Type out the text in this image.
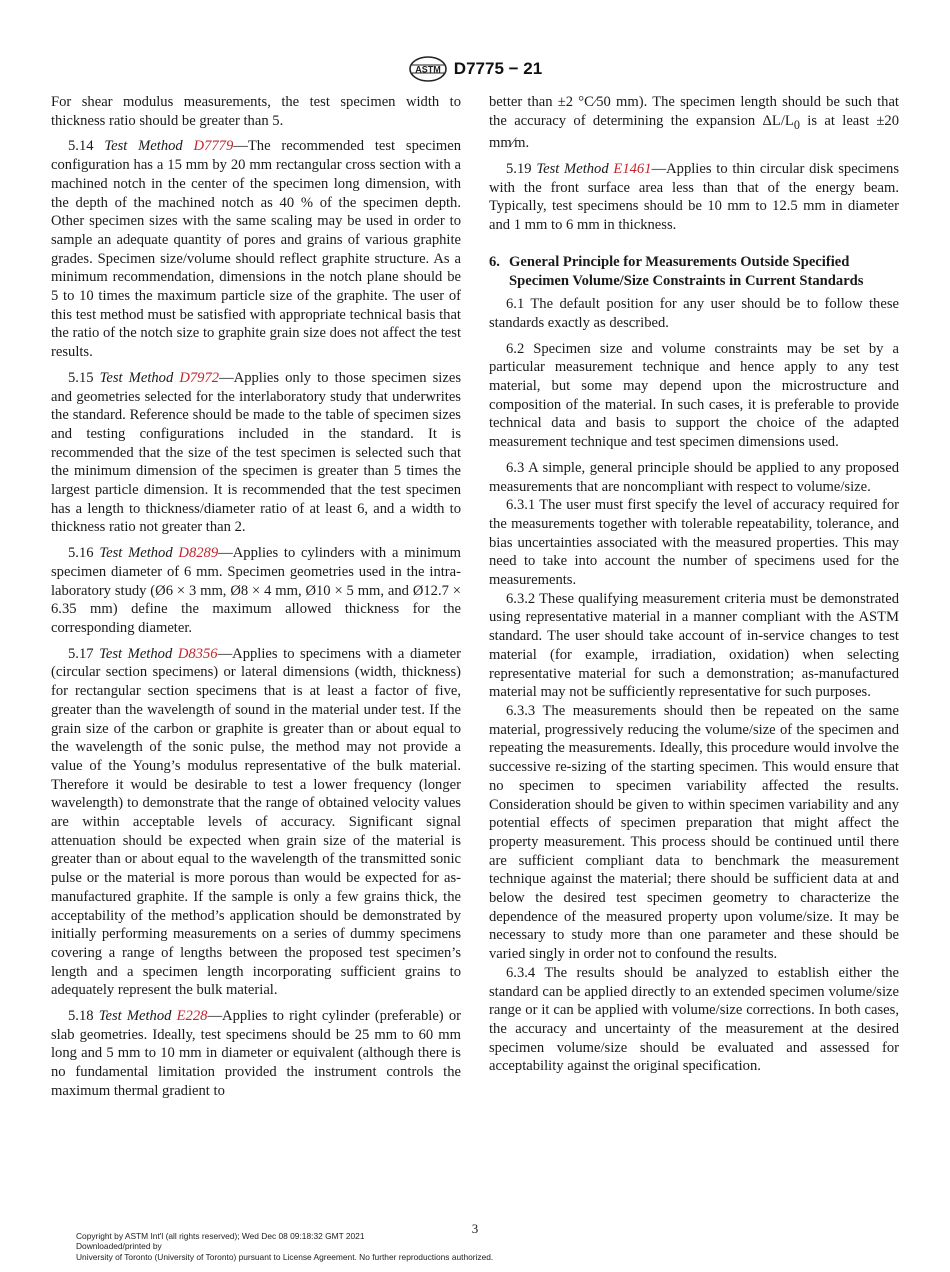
ASTM D7775 − 21

For shear modulus measurements, the test specimen width to thickness ratio should be greater than 5.

5.14 Test Method D7779—The recommended test specimen configuration has a 15 mm by 20 mm rectangular cross section with a machined notch in the center of the specimen long dimension, with the depth of the machined notch as 40 % of the specimen depth. Other specimen sizes with the same scaling may be used in order to sample an adequate quantity of pores and grains of various graphite grades. Specimen size/volume should reflect graphite structure. As a minimum recommendation, dimensions in the notch plane should be 5 to 10 times the maximum particle size of the graphite. The user of this test method must be satisfied with appropriate technical basis that the ratio of the notch size to graphite grain size does not affect the test results.

5.15 Test Method D7972—Applies only to those specimen sizes and geometries selected for the interlaboratory study that underwrites the standard. Reference should be made to the table of specimen sizes and testing configurations included in the standard. It is recommended that the size of the test specimen is selected such that the minimum dimension of the specimen is greater than 5 times the largest particle dimension. It is recommended that the test specimen has a length to thickness/diameter ratio of at least 6, and a width to thickness ratio not greater than 2.

5.16 Test Method D8289—Applies to cylinders with a minimum specimen diameter of 6 mm. Specimen geometries used in the intra-laboratory study (Ø6 × 3 mm, Ø8 × 4 mm, Ø10 × 5 mm, and Ø12.7 × 6.35 mm) define the maximum allowed thickness for the corresponding diameter.

5.17 Test Method D8356—Applies to specimens with a diameter (circular section specimens) or lateral dimensions (width, thickness) for rectangular section specimens that is at least a factor of five, greater than the wavelength of sound in the material under test. If the grain size of the carbon or graphite is greater than or about equal to the wavelength of the sonic pulse, the method may not provide a value of the Young’s modulus representative of the bulk material. Therefore it would be desirable to test a lower frequency (longer wavelength) to demonstrate that the range of obtained velocity values are within acceptable levels of accuracy. Significant signal attenuation should be expected when grain size of the material is greater than or about equal to the wavelength of the transmitted sonic pulse or the material is more porous than would be expected for as-manufactured graphite. If the sample is only a few grains thick, the acceptability of the method’s application should be demonstrated by initially performing measurements on a series of dummy specimens covering a range of lengths between the proposed test specimen’s length and a specimen length incorporating sufficient grains to adequately represent the bulk material.

5.18 Test Method E228—Applies to right cylinder (preferable) or slab geometries. Ideally, test specimens should be 25 mm to 60 mm long and 5 mm to 10 mm in diameter or equivalent (although there is no fundamental limitation provided the instrument controls the maximum thermal gradient to

better than ±2 °C⁄50 mm). The specimen length should be such that the accuracy of determining the expansion $\Delta L/L_0$ is at least ±20 mm⁄m.

5.19 Test Method E1461—Applies to thin circular disk specimens with the front surface area less than that of the energy beam. Typically, test specimens should be 10 mm to 12.5 mm in diameter and 1 mm to 6 mm in thickness.

6. General Principle for Measurements Outside Specified Specimen Volume/Size Constraints in Current Standards

6.1 The default position for any user should be to follow these standards exactly as described.

6.2 Specimen size and volume constraints may be set by a particular measurement technique and hence apply to any test material, but some may depend upon the microstructure and composition of the material. In such cases, it is preferable to provide technical data and basis to support the choice of the adapted measurement technique and test specimen dimensions used.

6.3 A simple, general principle should be applied to any proposed measurements that are noncompliant with respect to volume/size.

6.3.1 The user must first specify the level of accuracy required for the measurements together with tolerable repeatability, tolerance, and bias uncertainties associated with the measured properties. This may need to take into account the number of specimens used for the measurements.

6.3.2 These qualifying measurement criteria must be demonstrated using representative material in a manner compliant with the ASTM standard. The user should take account of in-service changes to test material (for example, irradiation, oxidation) when selecting representative material for such a demonstration; as-manufactured material may not be sufficiently representative for such purposes.

6.3.3 The measurements should then be repeated on the same material, progressively reducing the volume/size of the specimen and repeating the measurements. Ideally, this procedure would involve the successive re-sizing of the starting specimen. This would ensure that no specimen to specimen variability affected the results. Consideration should be given to within specimen variability and any potential effects of specimen preparation that might affect the property measurement. This process should be continued until there are sufficient compliant data to benchmark the measurement technique against the material; there should be sufficient data at and below the desired test specimen geometry to characterize the dependence of the measured property upon volume/size. It may be necessary to study more than one parameter and these should be varied singly in order not to confound the results.

6.3.4 The results should be analyzed to establish either the standard can be applied directly to an extended specimen volume/size range or it can be applied with volume/size corrections. In both cases, the accuracy and uncertainty of the measurement at the desired specimen volume/size should be evaluated and assessed for acceptability against the original specification.

3
Copyright by ASTM Int'l (all rights reserved); Wed Dec 08 09:18:32 GMT 2021
Downloaded/printed by
University of Toronto (University of Toronto) pursuant to License Agreement. No further reproductions authorized.
